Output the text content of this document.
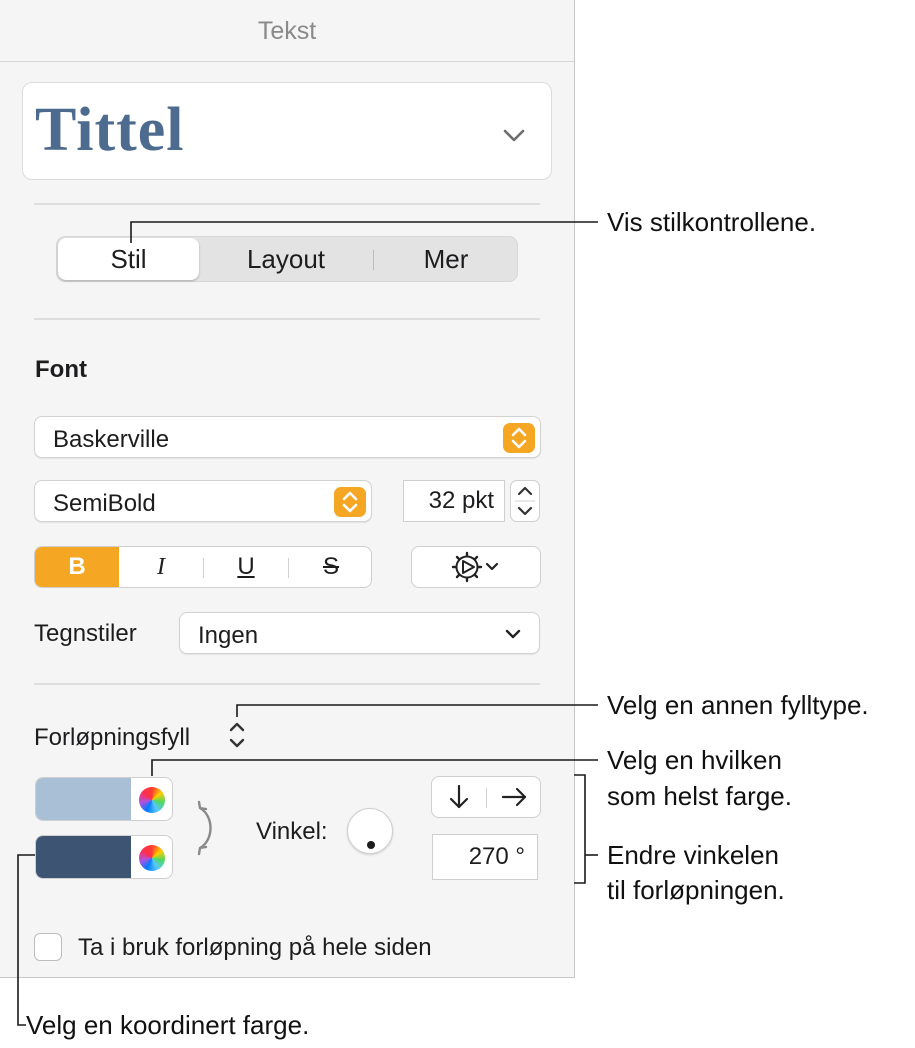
Tekst
Tittel
Stil	Layout	Mer
Font
Baskerville
SemiBold	32 pkt
B	I	U	S
Tegnstiler	Ingen
Forløpningsfyll
Vinkel:
270 °
Ta i bruk forløpning på hele siden
Vis stilkontrollene.
Velg en annen fylltype.
Velg en hvilken
som helst farge.
Endre vinkelen
til forløpningen.
Velg en koordinert farge.
